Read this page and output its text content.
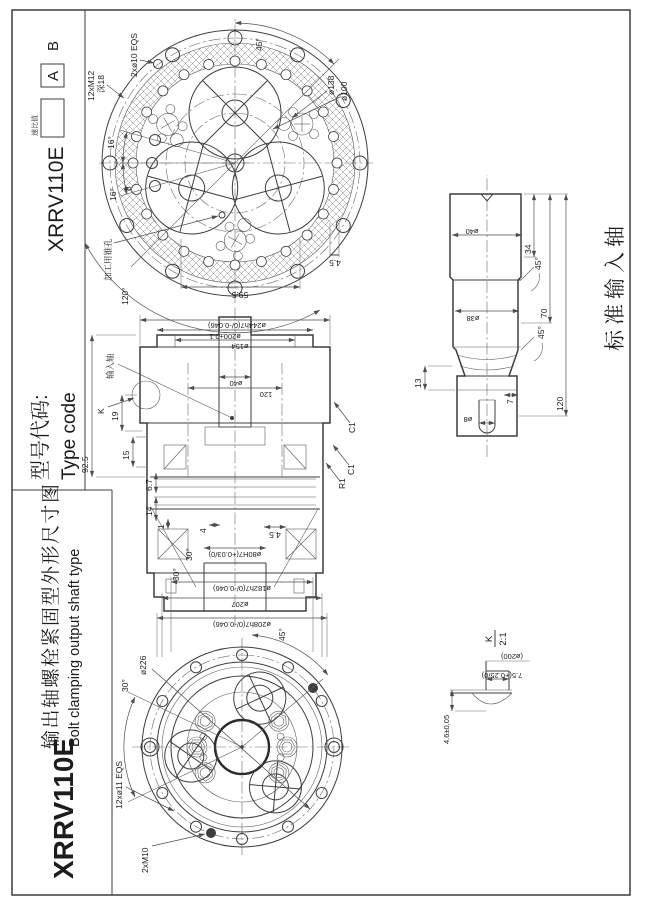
XRRV110E
输出轴螺栓紧固型外形尺寸图 Bolt clamping output shaft type
型号代码: Type code
XRRV110E
速比值
A
B
16°
16°
8
45°
120°	59.5
4.5
12xM12 深18
2xø10 EQS
加工用锥孔
ø138 ø100
K
输入轴
30°
30°
92.5
19
15
6.7
14
1
4	4.5
ø244h7(0/-0.046)
ø200±0.1
ø154
ø40
120
ø80H7(+0.03/0)
ø208h7(0/-0.046)
ø207
ø182h7(0/-0.046)
C1
C1
R1
2xM10
12xø11 EQS
ø226
45°
30°
34
70
120
13
7
ø8
ø40
ø38
45°
45°	标准输入轴
4.6±0.05
7.5(+0.25/0)
(ø200)
K 2:1
